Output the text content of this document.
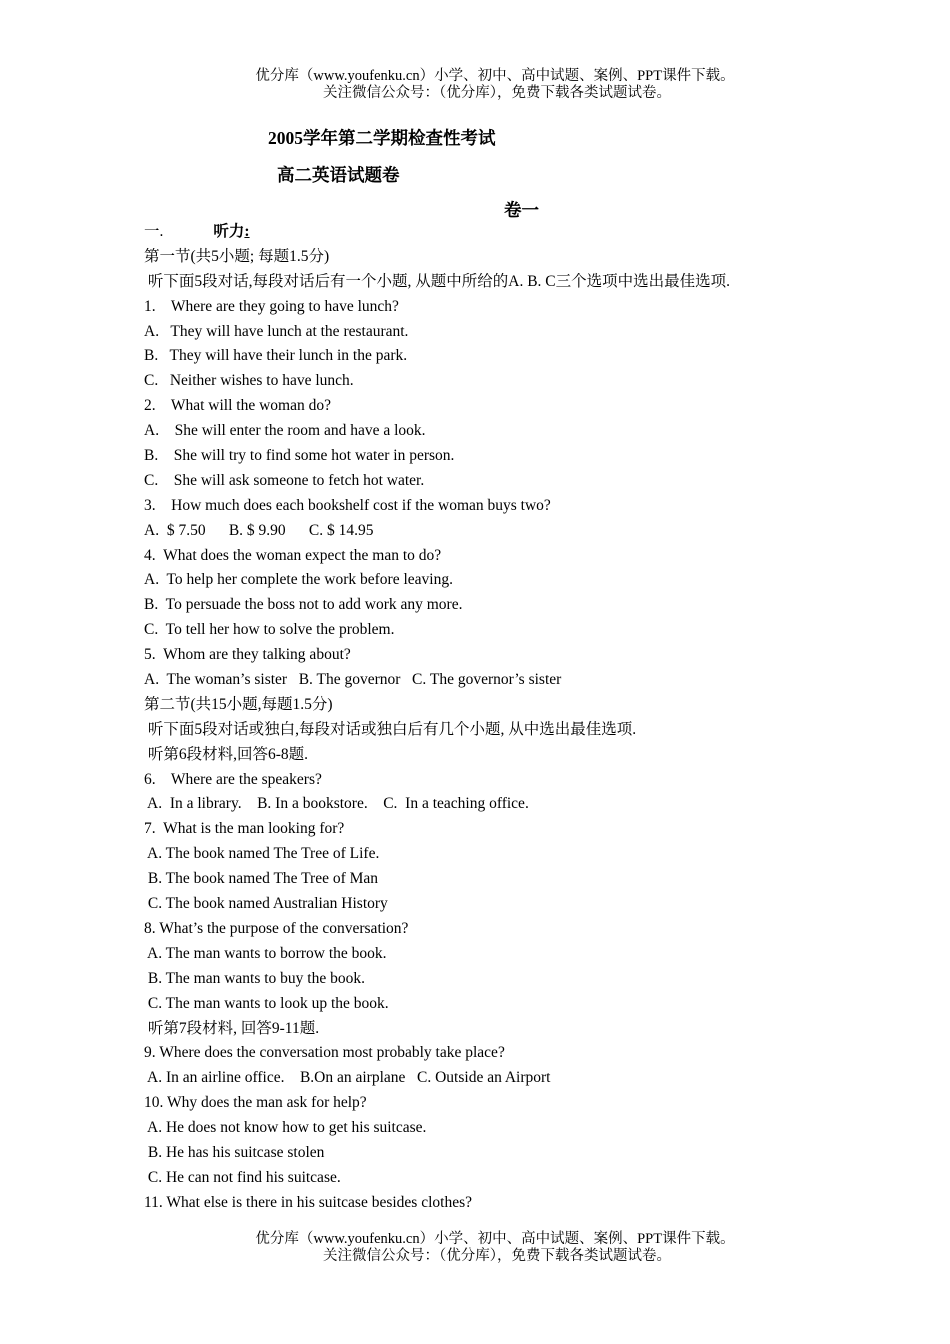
优分库（www.youfenku.cn）小学、初中、高中试题、案例、PPT课件下载。
关注微信公众号：（优分库），免费下载各类试题试卷。
2005学年第二学期检查性考试
高二英语试题卷
卷一
一.	听力:
第一节(共5小题; 每题1.5分)
听下面5段对话,每段对话后有一个小题, 从题中所给的A. B. C三个选项中选出最佳选项.
1.    Where are they going to have lunch?
A.   They will have lunch at the restaurant.
B.   They will have their lunch in the park.
C.   Neither wishes to have lunch.
2.    What will the woman do?
A.    She will enter the room and have a look.
B.    She will try to find some hot water in person.
C.    She will ask someone to fetch hot water.
3.    How much does each bookshelf cost if the woman buys two?
A.  $ 7.50      B. $ 9.90      C. $ 14.95
4.  What does the woman expect the man to do?
A.  To help her complete the work before leaving.
B.  To persuade the boss not to add work any more.
C.  To tell her how to solve the problem.
5.  Whom are they talking about?
A.  The woman’s sister   B. The governor   C. The governor’s sister
第二节(共15小题,每题1.5分)
听下面5段对话或独白,每段对话或独白后有几个小题, 从中选出最佳选项.
听第6段材料,回答6-8题.
6.    Where are the speakers?
A.  In a library.    B. In a bookstore.    C.  In a teaching office.
7.  What is the man looking for?
A. The book named The Tree of Life.
B. The book named The Tree of Man
C. The book named Australian History
8. What’s the purpose of the conversation?
A. The man wants to borrow the book.
B. The man wants to buy the book.
C. The man wants to look up the book.
听第7段材料, 回答9-11题.
9. Where does the conversation most probably take place?
A. In an airline office.    B.On an airplane   C. Outside an Airport
10. Why does the man ask for help?
A. He does not know how to get his suitcase.
B. He has his suitcase stolen
C. He can not find his suitcase.
11. What else is there in his suitcase besides clothes?
优分库（www.youfenku.cn）小学、初中、高中试题、案例、PPT课件下载。
关注微信公众号：（优分库），免费下载各类试题试卷。
